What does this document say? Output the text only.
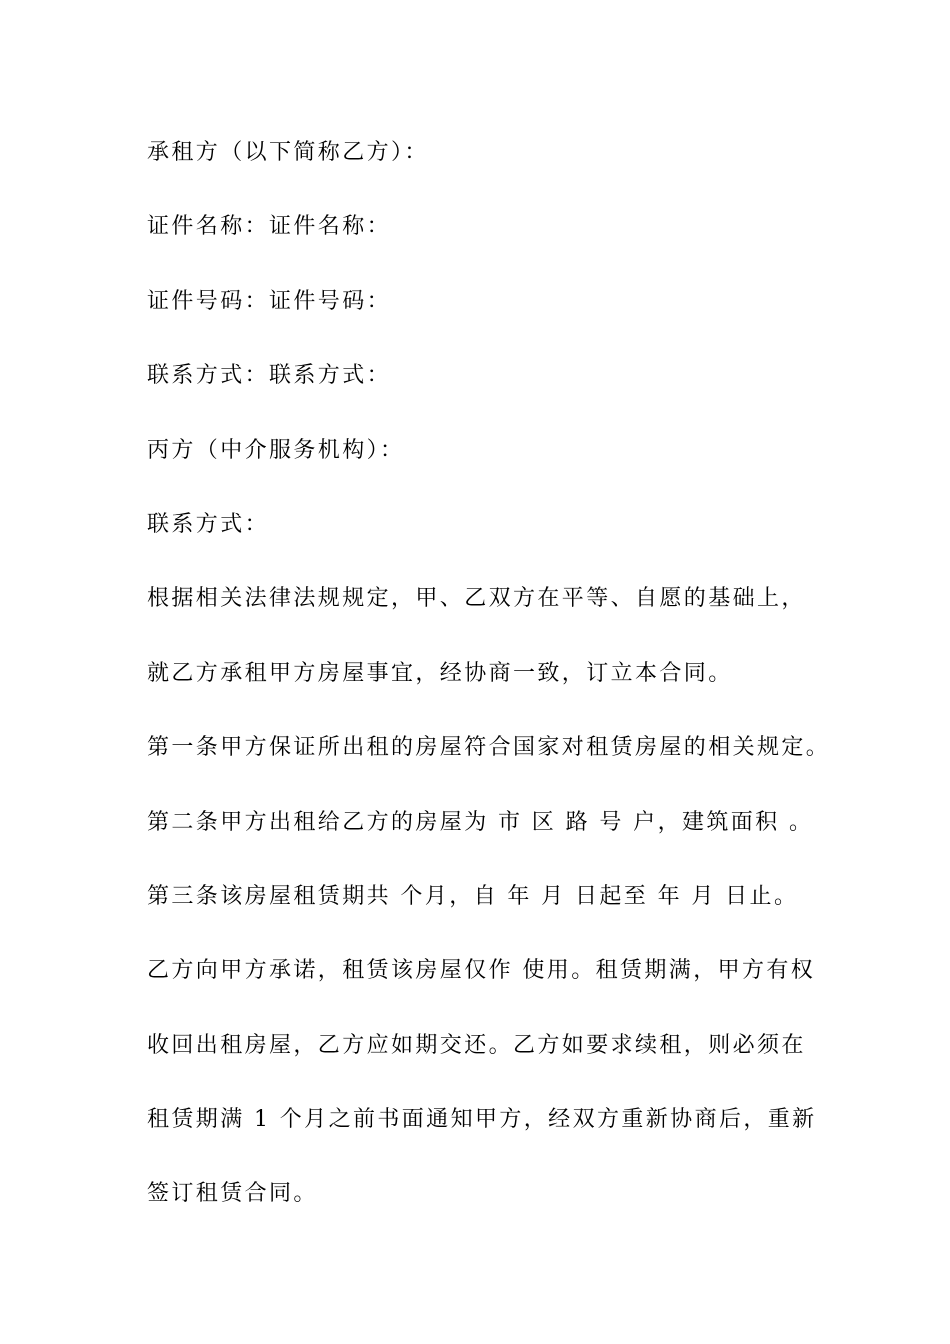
承租方（以下简称乙方）：
证件名称：证件名称：
证件号码：证件号码：
联系方式：联系方式：
丙方（中介服务机构）：
联系方式：
根据相关法律法规规定，甲、乙双方在平等、自愿的基础上，
就乙方承租甲方房屋事宜，经协商一致，订立本合同。
第一条甲方保证所出租的房屋符合国家对租赁房屋的相关规定。
第二条甲方出租给乙方的房屋为 市 区 路 号 户，建筑面积 。
第三条该房屋租赁期共 个月，自 年 月 日起至 年 月 日止。
乙方向甲方承诺，租赁该房屋仅作 使用。租赁期满，甲方有权
收回出租房屋，乙方应如期交还。乙方如要求续租，则必须在
租赁期满 1 个月之前书面通知甲方，经双方重新协商后，重新
签订租赁合同。
